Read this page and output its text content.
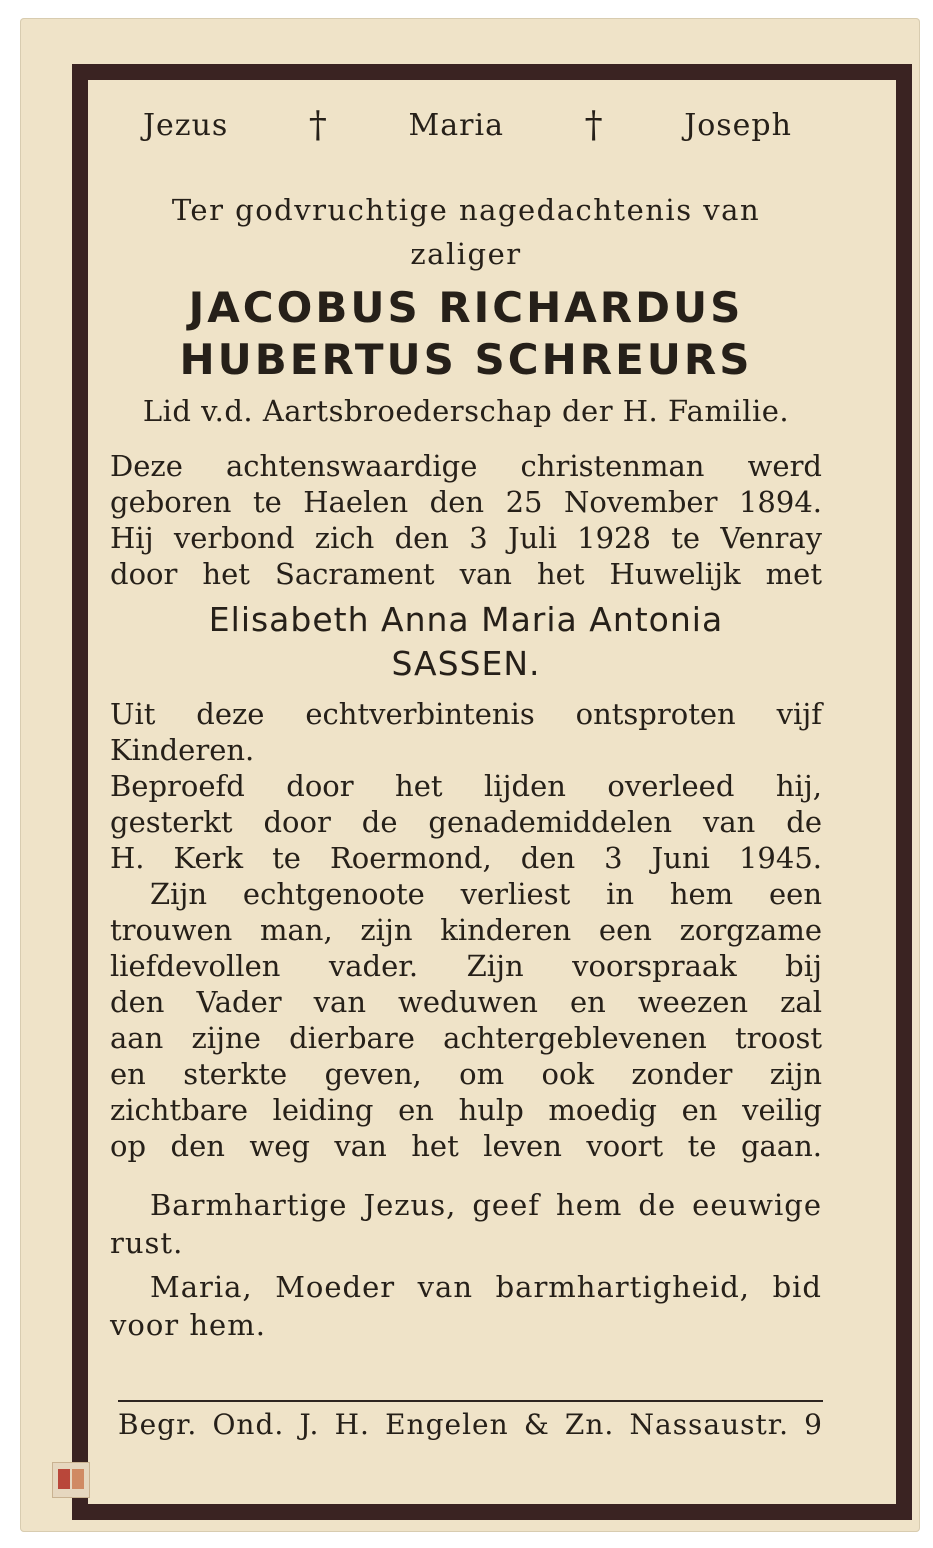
Jezus †	Maria †	Joseph
Ter godvruchtige nagedachtenis van
zaliger
JACOBUS RICHARDUS
HUBERTUS SCHREURS
Lid v.d. Aartsbroederschap der H. Familie.
Deze achtenswaardige christenman werd
geboren te Haelen den 25 November 1894.
Hij verbond zich den 3 Juli 1928 te Venray
door het Sacrament van het Huwelijk met
Elisabeth Anna Maria Antonia
SASSEN.
Uit deze echtverbintenis ontsproten vijf
Kinderen.
Beproefd door het lijden overleed hij,
gesterkt door de genademiddelen van de
H. Kerk te Roermond, den 3 Juni 1945.
Zijn echtgenoote verliest in hem een
trouwen man, zijn kinderen een zorgzame
liefdevollen vader. Zijn voorspraak bij
den Vader van weduwen en weezen zal
aan zijne dierbare achtergeblevenen troost
en sterkte geven, om ook zonder zijn
zichtbare leiding en hulp moedig en veilig
op den weg van het leven voort te gaan.
Barmhartige Jezus, geef hem de eeuwige
rust.
Maria, Moeder van barmhartigheid, bid
voor hem.
Begr. Ond. J. H. Engelen & Zn. Nassaustr. 9
